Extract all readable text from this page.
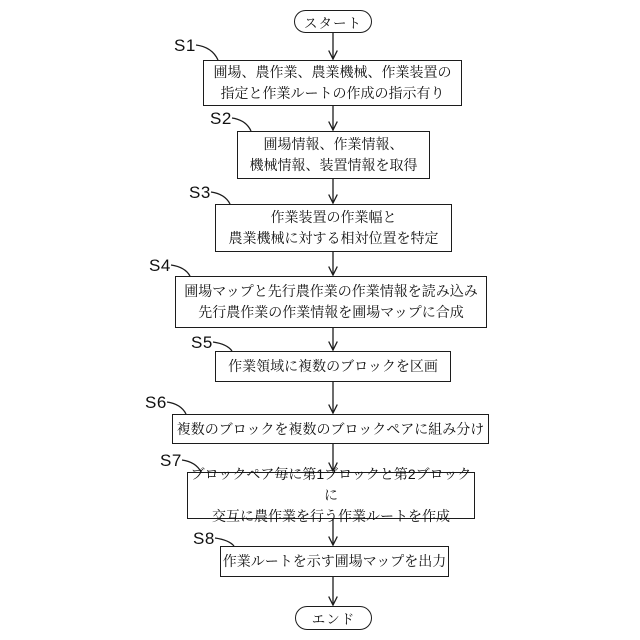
スタート
S1
圃場、農作業、農業機械、作業装置の
指定と作業ルートの作成の指示有り
S2
圃場情報、作業情報、
機械情報、装置情報を取得
S3
作業装置の作業幅と
農業機械に対する相対位置を特定
S4
圃場マップと先行農作業の作業情報を読み込み
先行農作業の作業情報を圃場マップに合成
S5
作業領域に複数のブロックを区画
S6
複数のブロックを複数のブロックペアに組み分け
S7
ブロックペア毎に第1ブロックと第2ブロックに
交互に農作業を行う作業ルートを作成
S8
作業ルートを示す圃場マップを出力
エンド
